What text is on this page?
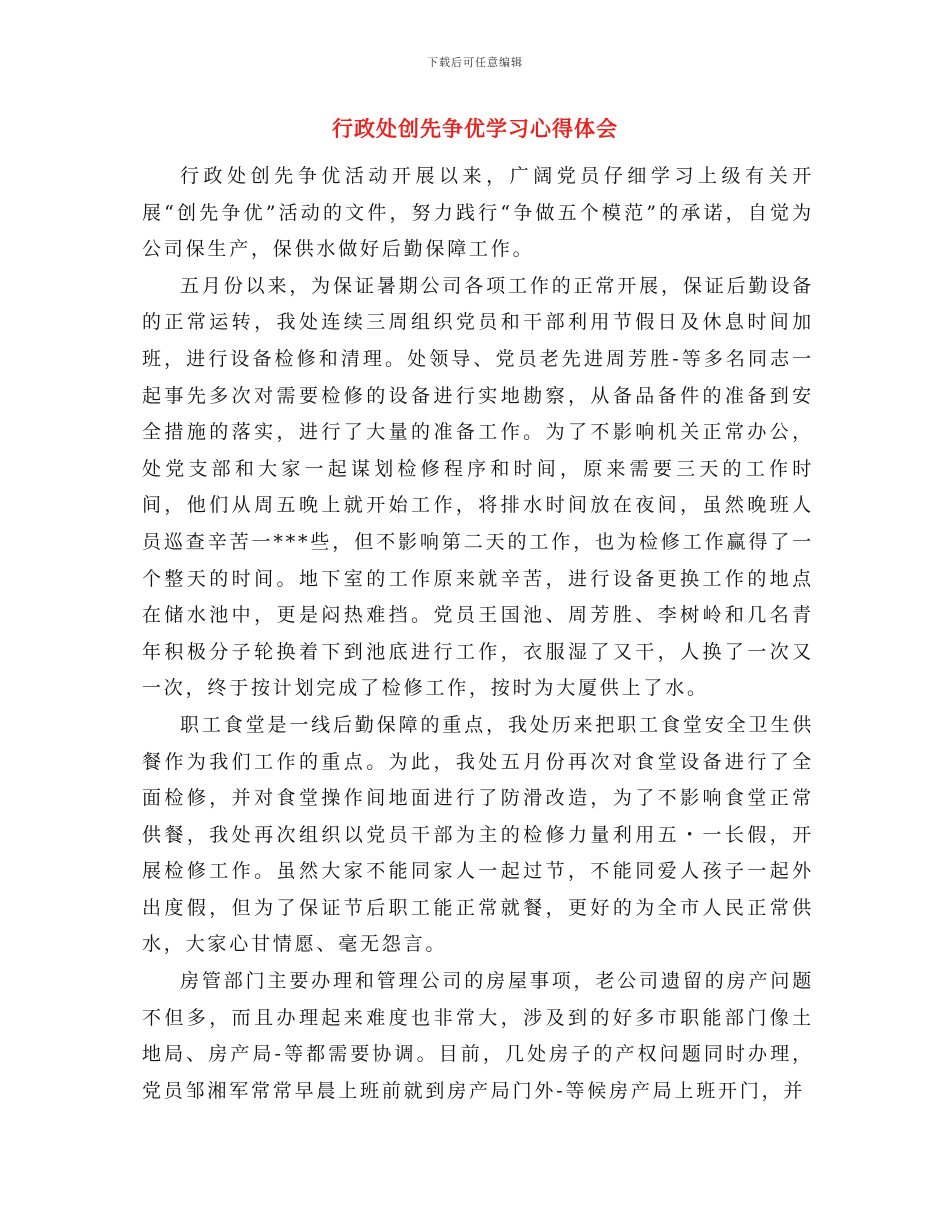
下载后可任意编辑
行政处创先争优学习心得体会

行政处创先争优活动开展以来，广阔党员仔细学习上级有关开展“创先争优”活动的文件，努力践行“争做五个模范”的承诺，自觉为公司保生产，保供水做好后勤保障工作。

五月份以来，为保证暑期公司各项工作的正常开展，保证后勤设备的正常运转，我处连续三周组织党员和干部利用节假日及休息时间加班，进行设备检修和清理。处领导、党员老先进周芳胜-等多名同志一起事先多次对需要检修的设备进行实地勘察，从备品备件的准备到安全措施的落实，进行了大量的准备工作。为了不影响机关正常办公，处党支部和大家一起谋划检修程序和时间，原来需要三天的工作时间，他们从周五晚上就开始工作，将排水时间放在夜间，虽然晚班人员巡查辛苦一***些，但不影响第二天的工作，也为检修工作赢得了一个整天的时间。地下室的工作原来就辛苦，进行设备更换工作的地点在储水池中，更是闷热难挡。党员王国池、周芳胜、李树岭和几名青年积极分子轮换着下到池底进行工作，衣服湿了又干，人换了一次又一次，终于按计划完成了检修工作，按时为大厦供上了水。

职工食堂是一线后勤保障的重点，我处历来把职工食堂安全卫生供餐作为我们工作的重点。为此，我处五月份再次对食堂设备进行了全面检修，并对食堂操作间地面进行了防滑改造，为了不影响食堂正常供餐，我处再次组织以党员干部为主的检修力量利用五・一长假，开展检修工作。虽然大家不能同家人一起过节，不能同爱人孩子一起外出度假，但为了保证节后职工能正常就餐，更好的为全市人民正常供水，大家心甘情愿、毫无怨言。

房管部门主要办理和管理公司的房屋事项，老公司遗留的房产问题不但多，而且办理起来难度也非常大，涉及到的好多市职能部门像土地局、房产局-等都需要协调。目前，几处房子的产权问题同时办理，党员邹湘军常常早晨上班前就到房产局门外-等候房产局上班开门，并
